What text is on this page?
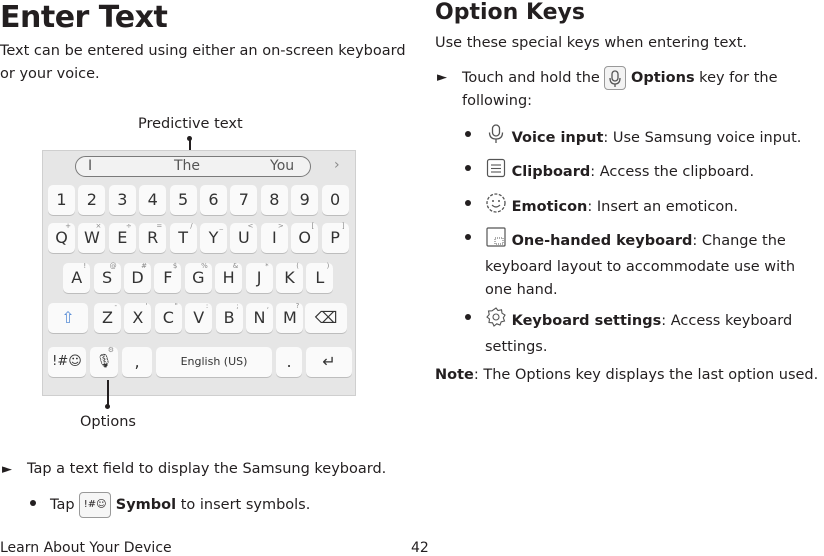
Enter Text
Text can be entered using either an on-screen keyboard or your voice.
Predictive text
I	The	You	›
1	2	3	4	5	6	7	8	9	0
Q
+
W
×
E
÷
R
=
T
/
Y
_
U
<
I
>
O
[
P
]
A
!
S
@
D
#
F
$
G
%
H
&
J
*
K
(
L
)
⇧	Z
-
X
'
C
"
V
:
B
;
N
,
M
?
⌫
!#☺	🎙
⚙
,	English (US)	.	↵
Options
► Tap a text field to display the Samsung keyboard.
Tap !#☺ Symbol to insert symbols.
Option Keys
Use these special keys when entering text.
► Touch and hold the Options key for the following:
Voice input: Use Samsung voice input.
Clipboard: Access the clipboard.
Emoticon: Insert an emoticon.
One-handed keyboard: Change the keyboard layout to accommodate use with one hand.
Keyboard settings: Access keyboard settings.
Note: The Options key displays the last option used.
Learn About Your Device	42
